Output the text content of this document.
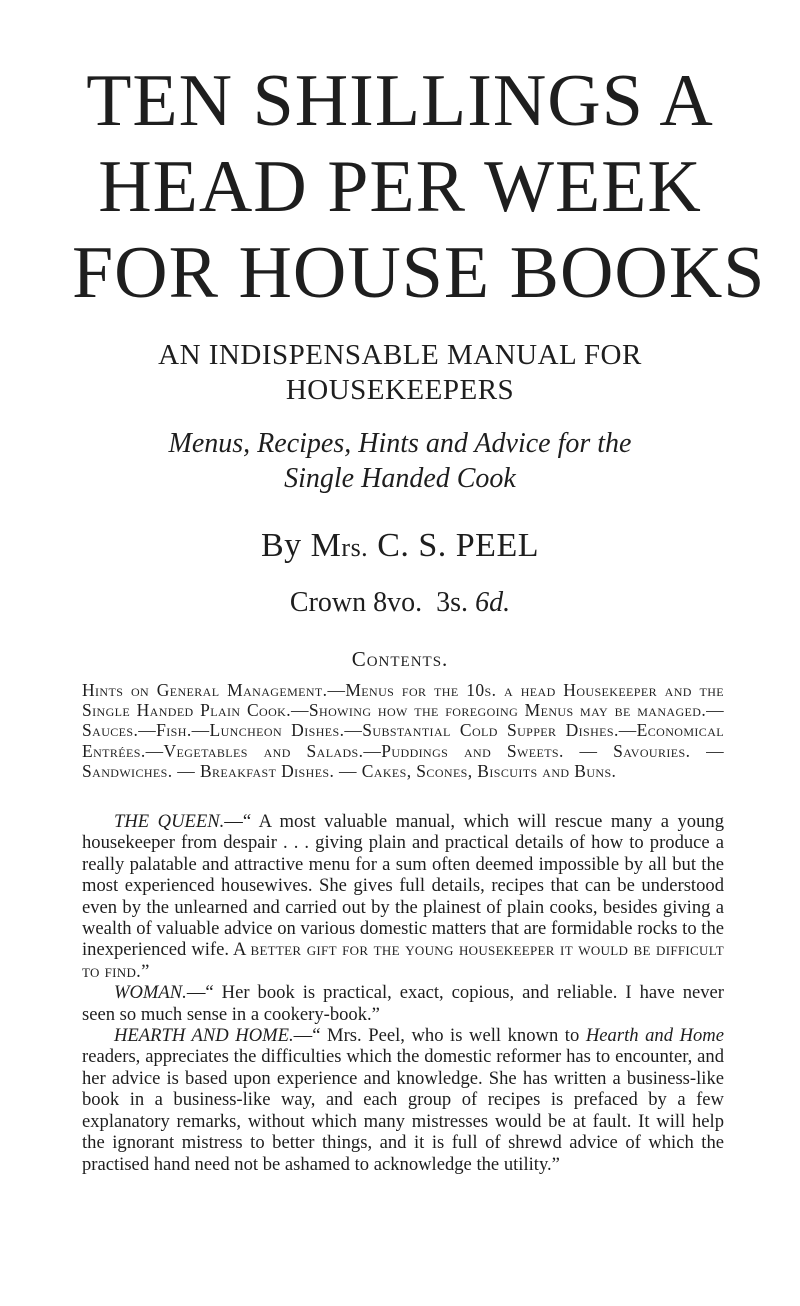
TEN SHILLINGS A

HEAD PER WEEK

FOR HOUSE BOOKS

AN INDISPENSABLE MANUAL FOR

HOUSEKEEPERS

Menus, Recipes, Hints and Advice for the
Single Handed Cook

By Mrs. C. S. PEEL

Crown 8vo. 3s. 6d.

Contents.

Hints on General Management.—Menus for the 10s. a head Housekeeper and the Single Handed Plain Cook.—Showing how the foregoing Menus may be managed.—Sauces.—Fish.—Luncheon Dishes.—Substantial Cold Supper Dishes.—Economical Entrées.—Vegetables and Salads.—Puddings and Sweets. — Savouries. — Sandwiches. — Breakfast Dishes. — Cakes, Scones, Biscuits and Buns.

THE QUEEN.—“ A most valuable manual, which will rescue many a young housekeeper from despair . . . giving plain and practical details of how to produce a really palatable and attractive menu for a sum often deemed impossible by all but the most experienced housewives. She gives full details, recipes that can be understood even by the unlearned and carried out by the plainest of plain cooks, besides giving a wealth of valuable advice on various domestic matters that are formidable rocks to the inexperienced wife. A better gift for the young housekeeper it would be difficult to find.”

WOMAN.—“ Her book is practical, exact, copious, and reliable. I have never seen so much sense in a cookery-book.”

HEARTH AND HOME.—“ Mrs. Peel, who is well known to Hearth and Home readers, appreciates the difficulties which the domestic reformer has to encounter, and her advice is based upon experience and knowledge. She has written a business-like book in a business-like way, and each group of recipes is prefaced by a few explanatory remarks, without which many mistresses would be at fault. It will help the ignorant mistress to better things, and it is full of shrewd advice of which the practised hand need not be ashamed to acknowledge the utility.”
